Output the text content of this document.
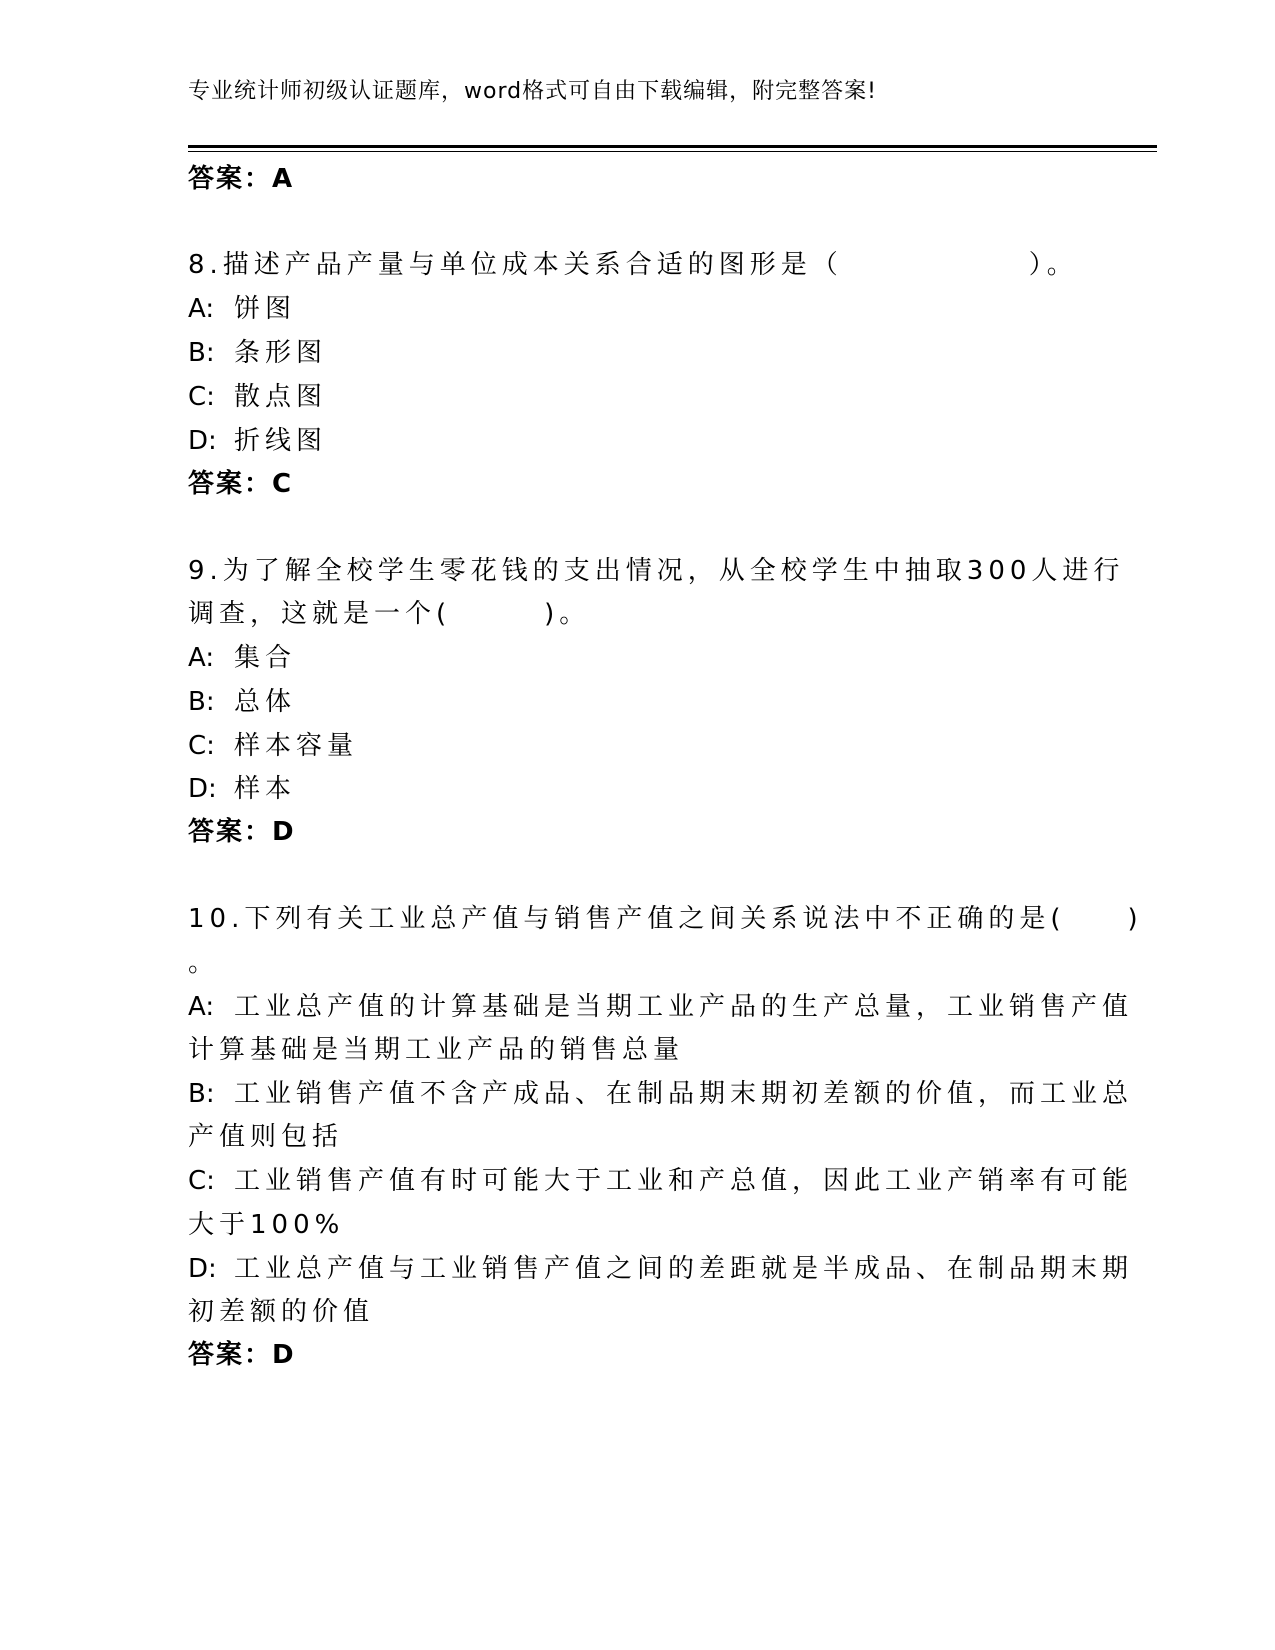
专业统计师初级认证题库，word格式可自由下载编辑，附完整答案!
答案：A
8.描述产品产量与单位成本关系合适的图形是（　　　　　　）。
A: 饼图
B: 条形图
C: 散点图
D: 折线图
答案：C
9.为了解全校学生零花钱的支出情况，从全校学生中抽取300人进行
调查，这就是一个(　　　)。
A: 集合
B: 总体
C: 样本容量
D: 样本
答案：D
10.下列有关工业总产值与销售产值之间关系说法中不正确的是(　　)
。
A: 工业总产值的计算基础是当期工业产品的生产总量，工业销售产值
计算基础是当期工业产品的销售总量
B: 工业销售产值不含产成品、在制品期末期初差额的价值，而工业总
产值则包括
C: 工业销售产值有时可能大于工业和产总值，因此工业产销率有可能
大于100%
D: 工业总产值与工业销售产值之间的差距就是半成品、在制品期末期
初差额的价值
答案：D
